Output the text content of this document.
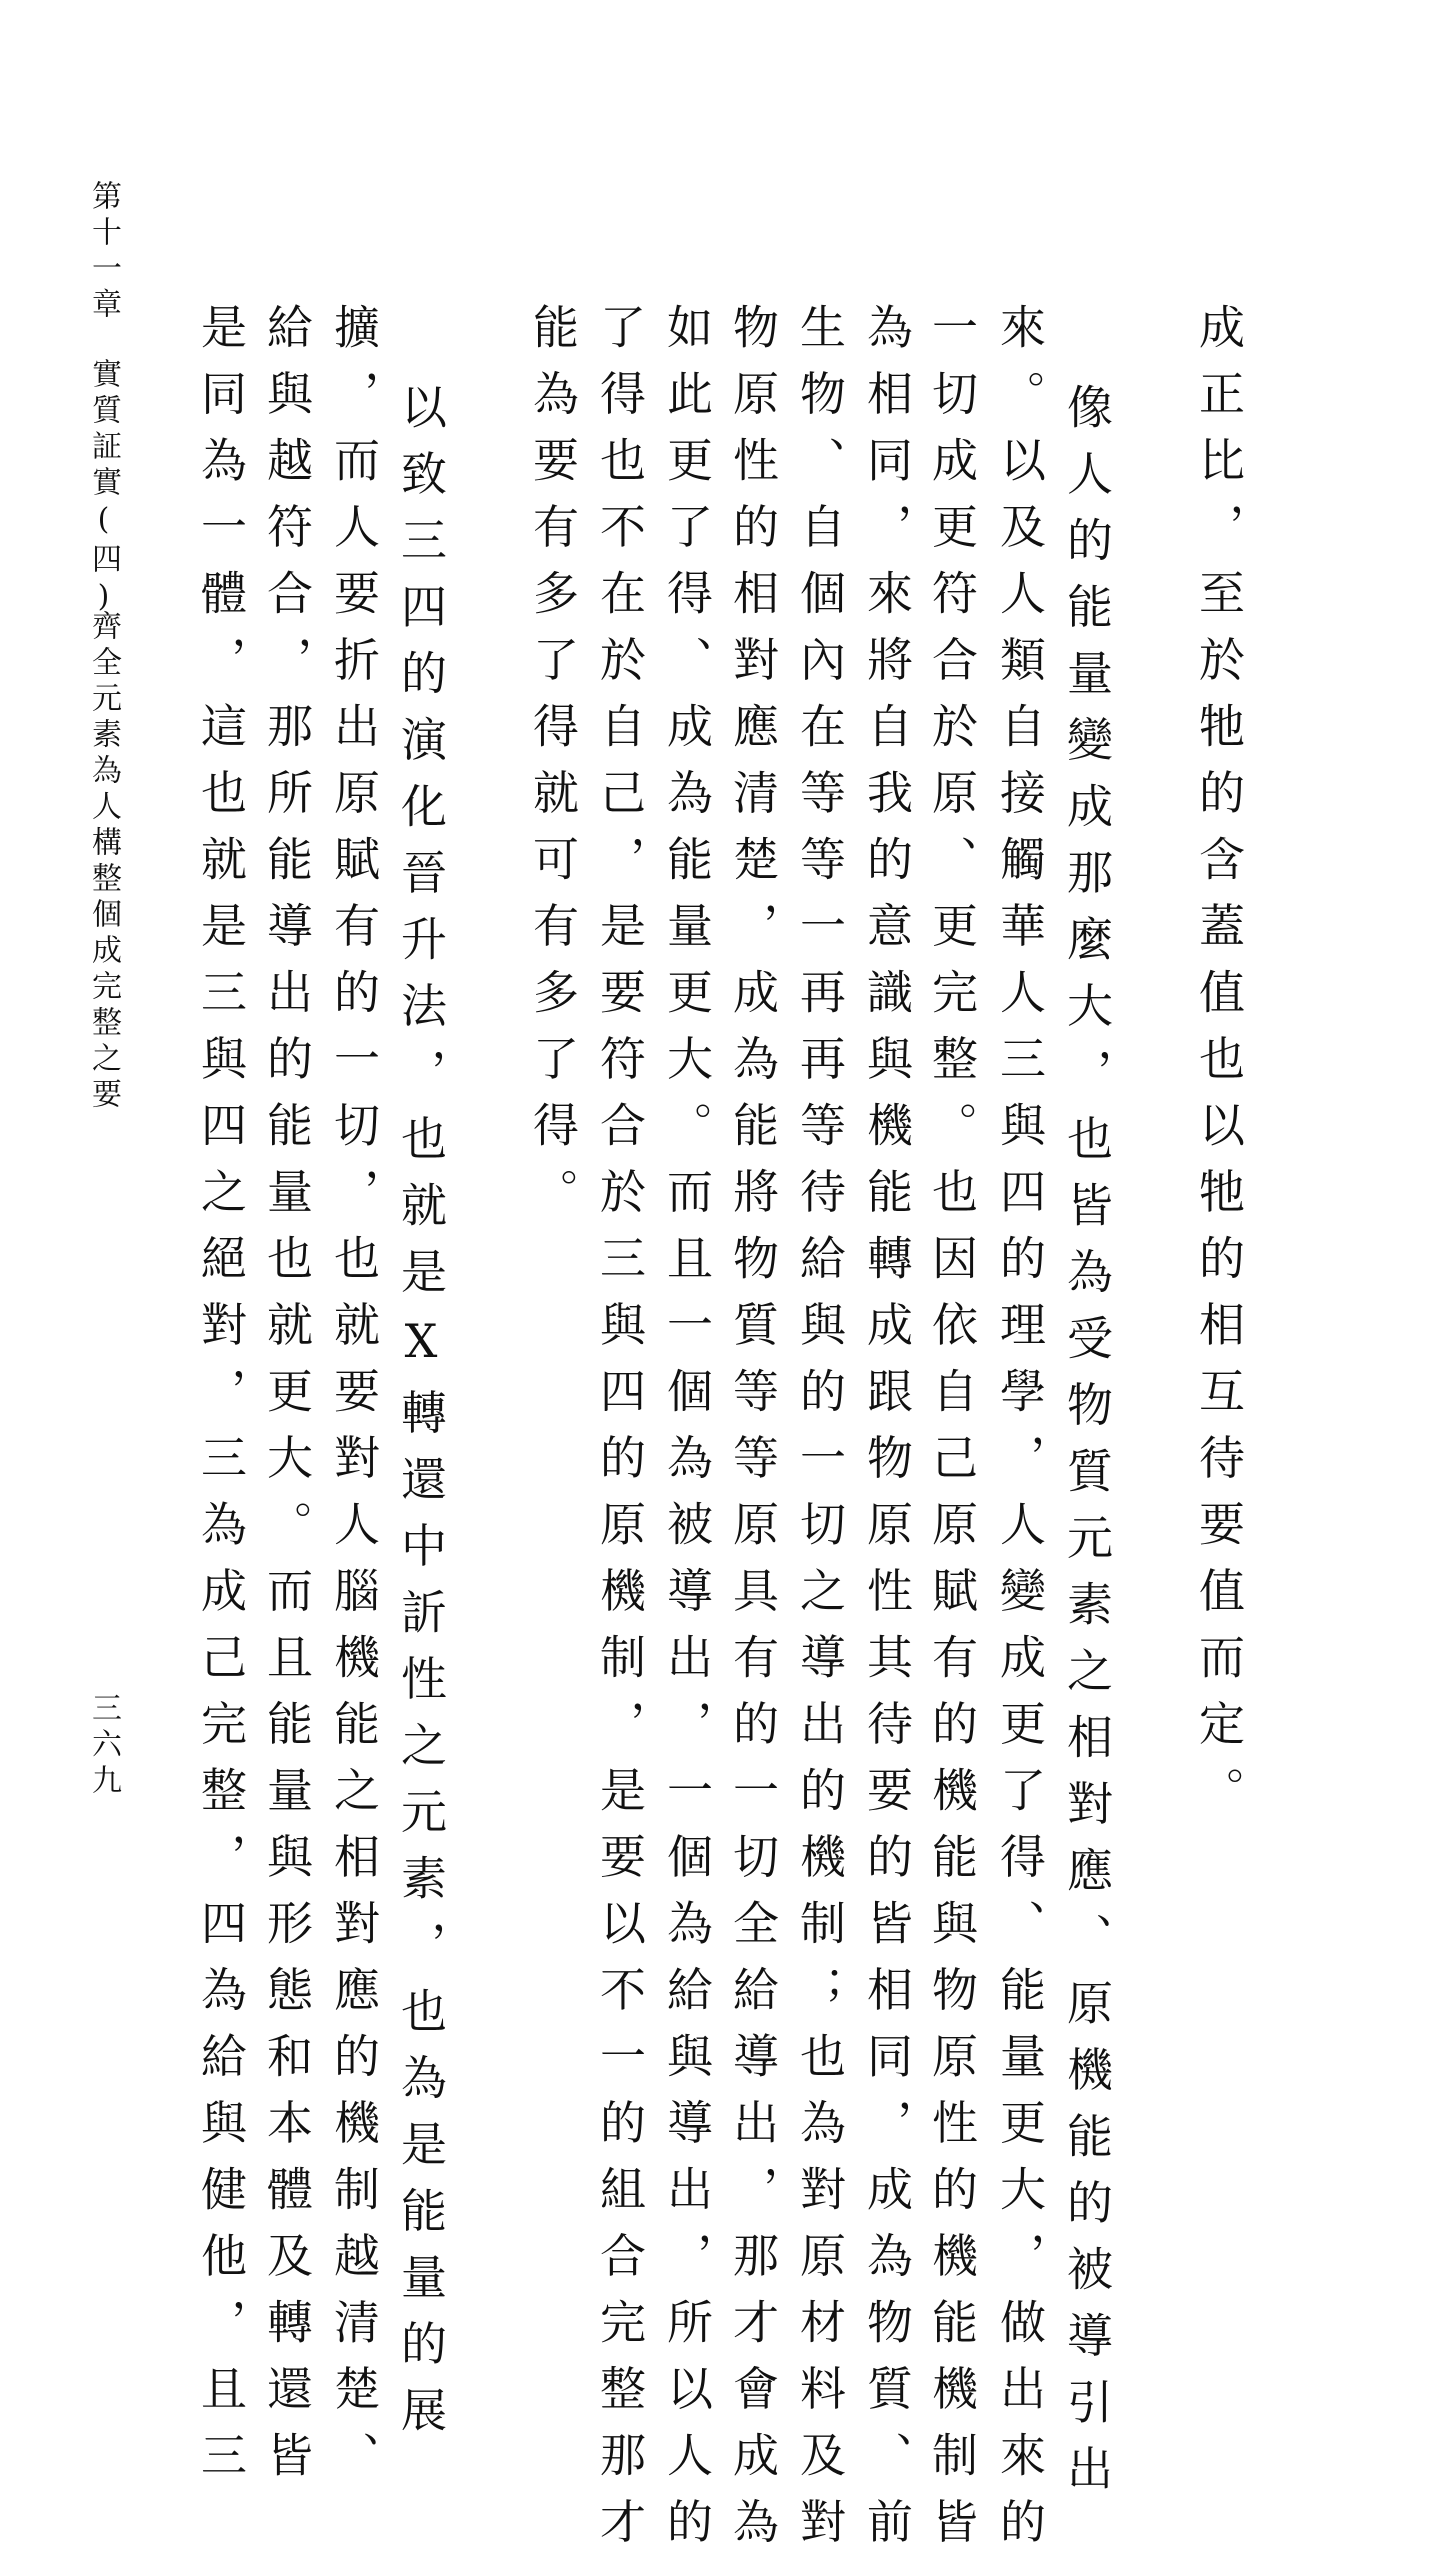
成正比，至於牠的含蓋值也以牠的相互待要值而定。
像人的能量變成那麼大，也皆為受物質元素之相對應、原機能的被導引出
來。以及人類自接觸華人三與四的理學，人變成更了得、能量更大，做出來的
一切成更符合於原、更完整。也因依自己原賦有的機能與物原性的機能機制皆
為相同，來將自我的意識與機能轉成跟物原性其待要的皆相同，成為物質、前
生物、自個內在等等一再再等待給與的一切之導出的機制；也為對原材料及對
物原性的相對應清楚，成為能將物質等等原具有的一切全給導出，那才會成為
如此更了得、成為能量更大。而且一個為被導出，一個為給與導出，所以人的
了得也不在於自己，是要符合於三與四的原機制，是要以不一的組合完整那才
能為要有多了得就可有多了得。
以致三四的演化晉升法，也就是X轉還中訢性之元素，也為是能量的展
擴，而人要折出原賦有的一切，也就要對人腦機能之相對應的機制越清楚、
給與越符合，那所能導出的能量也就更大。而且能量與形態和本體及轉還皆
是同為一體，這也就是三與四之絕對，三為成己完整，四為給與健他，且三
第十一章
實質証實(四)
齊全元素為人構整個成完整之要
三六九
